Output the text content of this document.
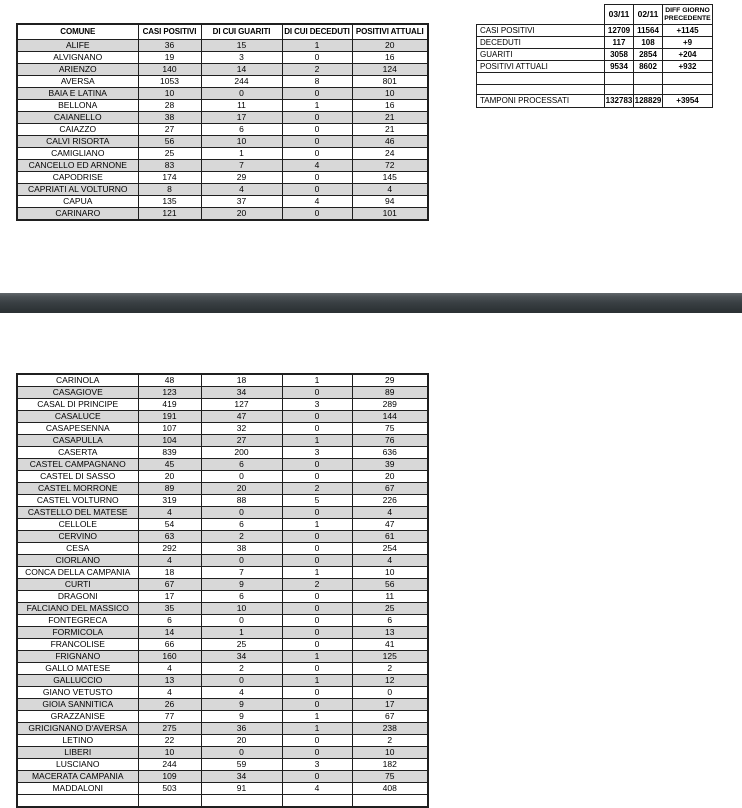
COMUNE	CASI POSITIVI	DI CUI GUARITI	DI CUI DECEDUTI	POSITIVI ATTUALI
ALIFE	36	15	1	20
ALVIGNANO	19	3	0	16
ARIENZO	140	14	2	124
AVERSA	1053	244	8	801
BAIA E LATINA	10	0	0	10
BELLONA	28	11	1	16
CAIANELLO	38	17	0	21
CAIAZZO	27	6	0	21
CALVI RISORTA	56	10	0	46
CAMIGLIANO	25	1	0	24
CANCELLO ED ARNONE	83	7	4	72
CAPODRISE	174	29	0	145
CAPRIATI AL VOLTURNO	8	4	0	4
CAPUA	135	37	4	94
CARINARO	121	20	0	101
	03/11	02/11	DIFF GIORNO PRECEDENTE
CASI POSITIVI	12709	11564	+1145
DECEDUTI	117	108	+9
GUARITI	3058	2854	+204
POSITIVI ATTUALI	9534	8602	+932

TAMPONI PROCESSATI	132783	128829	+3954
CARINOLA	48	18	1	29
CASAGIOVE	123	34	0	89
CASAL DI PRINCIPE	419	127	3	289
CASALUCE	191	47	0	144
CASAPESENNA	107	32	0	75
CASAPULLA	104	27	1	76
CASERTA	839	200	3	636
CASTEL CAMPAGNANO	45	6	0	39
CASTEL DI SASSO	20	0	0	20
CASTEL MORRONE	89	20	2	67
CASTEL VOLTURNO	319	88	5	226
CASTELLO DEL MATESE	4	0	0	4
CELLOLE	54	6	1	47
CERVINO	63	2	0	61
CESA	292	38	0	254
CIORLANO	4	0	0	4
CONCA DELLA CAMPANIA	18	7	1	10
CURTI	67	9	2	56
DRAGONI	17	6	0	11
FALCIANO DEL MASSICO	35	10	0	25
FONTEGRECA	6	0	0	6
FORMICOLA	14	1	0	13
FRANCOLISE	66	25	0	41
FRIGNANO	160	34	1	125
GALLO MATESE	4	2	0	2
GALLUCCIO	13	0	1	12
GIANO VETUSTO	4	4	0	0
GIOIA SANNITICA	26	9	0	17
GRAZZANISE	77	9	1	67
GRICIGNANO D'AVERSA	275	36	1	238
LETINO	22	20	0	2
LIBERI	10	0	0	10
LUSCIANO	244	59	3	182
MACERATA CAMPANIA	109	34	0	75
MADDALONI	503	91	4	408
